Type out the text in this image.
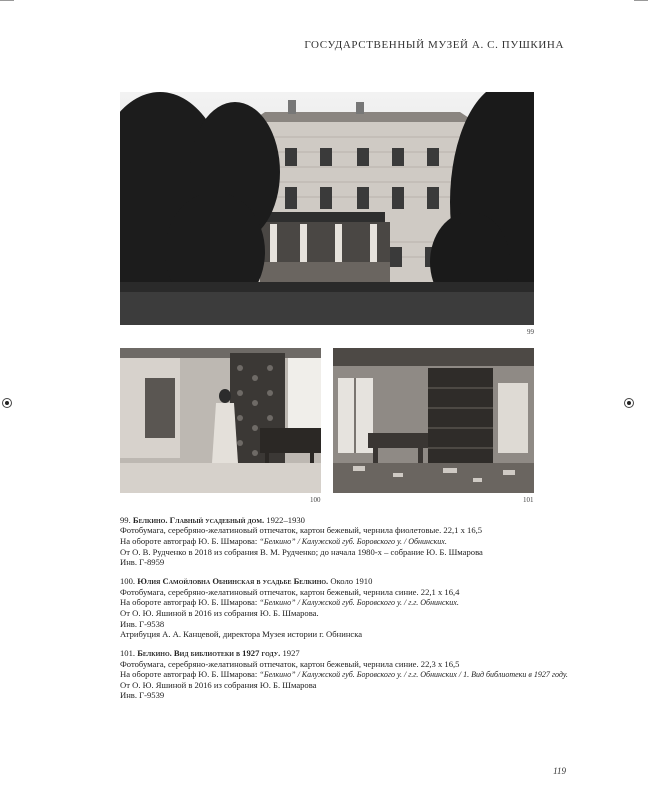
ГОСУДАРСТВЕННЫЙ МУЗЕЙ А. С. ПУШКИНА
99
100	101

99. Белкино. Главный усадебный дом. 1922–1930

Фотобумага, серебряно-желатиновый отпечаток, картон бежевый, чернила фиолетовые. 22,1 х 16,5

На обороте автограф Ю. Б. Шмарова: “Белкино” / Калужской губ. Боровского у. / Обнинских.

От О. В. Рудченко в 2018 из собрания В. М. Рудченко; до начала 1980-х – собрание Ю. Б. Шмарова

Инв. Г-8959

100. Юлия Самойловна Обнинская в усадьбе Белкино. Около 1910

Фотобумага, серебряно-желатиновый отпечаток, картон бежевый, чернила синие. 22,1 х 16,4

На обороте автограф Ю. Б. Шмарова: “Белкино” / Калужской губ. Боровского у. / г.г. Обнинских.

От О. Ю. Яшиной в 2016 из собрания Ю. Б. Шмарова.

Инв. Г-9538

Атрибуция А. А. Канцевой, директора Музея истории г. Обнинска

101. Белкино. Вид библиотеки в 1927 году. 1927

Фотобумага, серебряно-желатиновый отпечаток, картон бежевый, чернила синие. 22,3 х 16,5

На обороте автограф Ю. Б. Шмарова: “Белкино” / Калужской губ. Боровского у. / г.г. Обнинских / 1. Вид библиотеки в 1927 году.

От О. Ю. Яшиной в 2016 из собрания Ю. Б. Шмарова

Инв. Г-9539

119
